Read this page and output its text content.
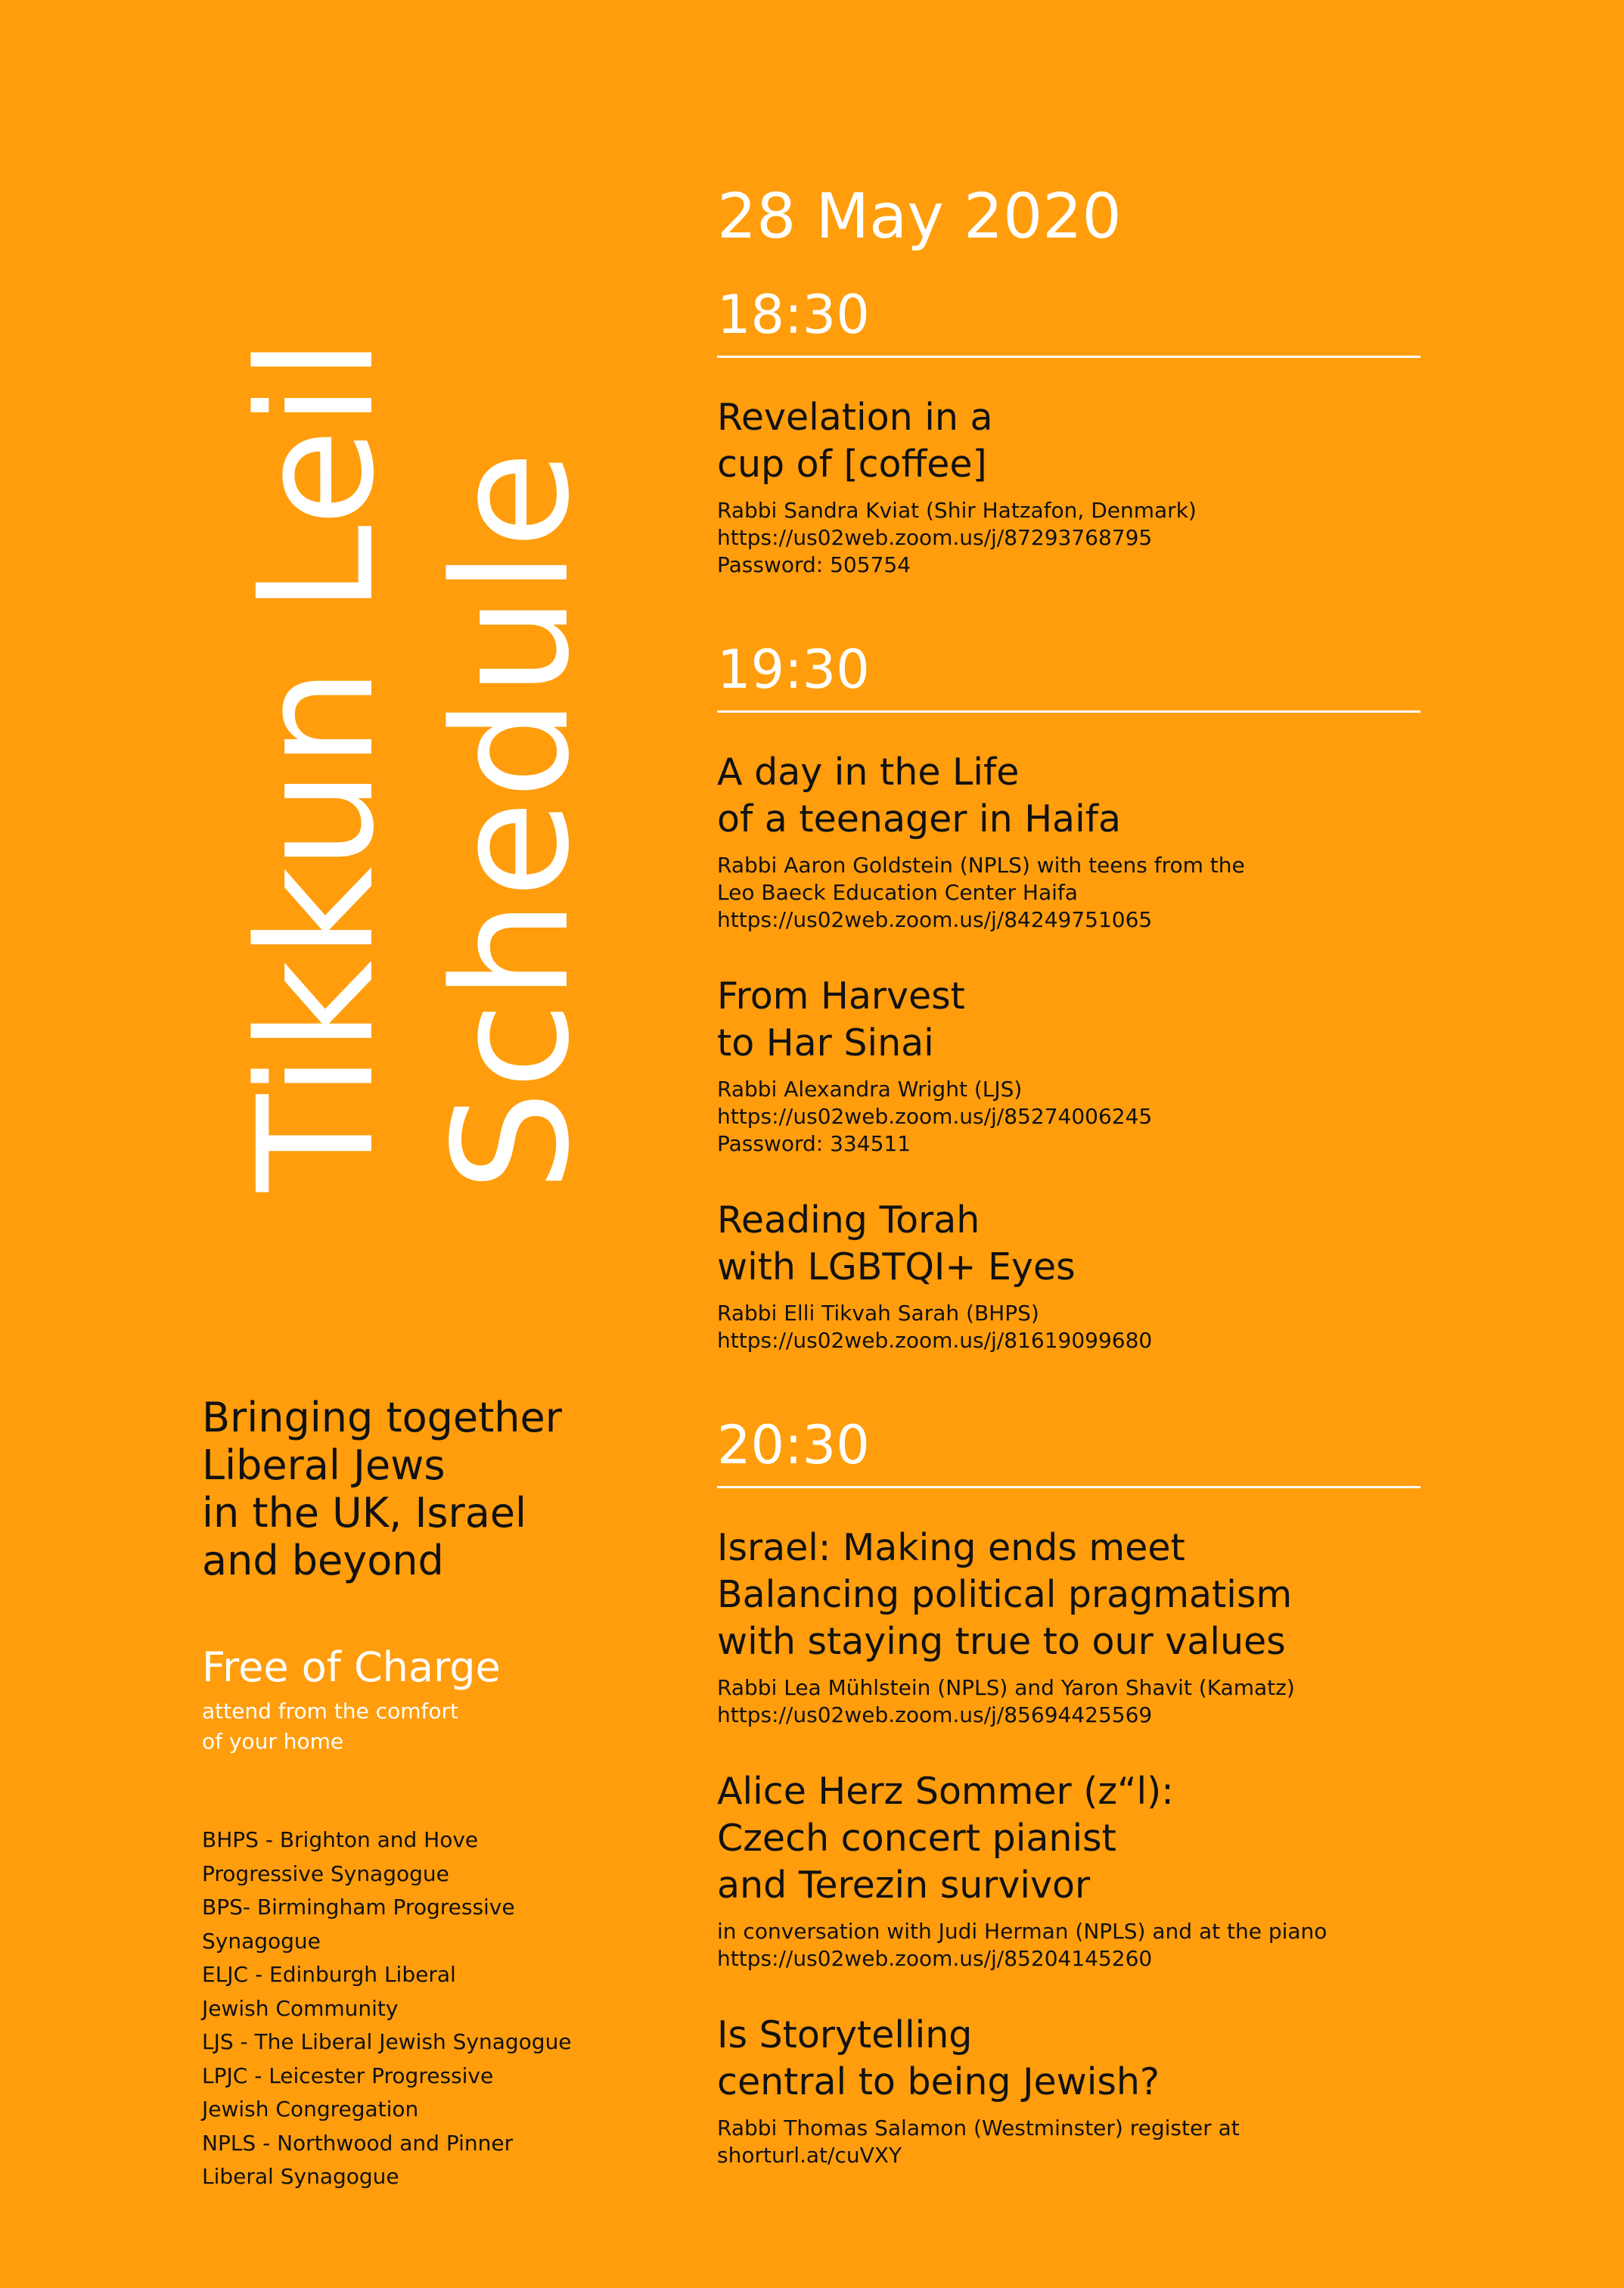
Tikkun Leil Schedule
Bringing together
Liberal Jews
in the UK, Israel
and beyond
Free of Charge
attend from the comfort
of your home
BHPS - Brighton and Hove
Progressive Synagogue
BPS- Birmingham Progressive
Synagogue
ELJC - Edinburgh Liberal
Jewish Community
LJS - The Liberal Jewish Synagogue
LPJC - Leicester Progressive
Jewish Congregation
NPLS - Northwood and Pinner
Liberal Synagogue
28 May 2020
18:30
Revelation in a
cup of [coffee]
Rabbi Sandra Kviat (Shir Hatzafon, Denmark)
https://us02web.zoom.us/j/87293768795
Password: 505754
19:30
A day in the Life
of a teenager in Haifa
Rabbi Aaron Goldstein (NPLS) with teens from the
Leo Baeck Education Center Haifa
https://us02web.zoom.us/j/84249751065
From Harvest
to Har Sinai
Rabbi Alexandra Wright (LJS)
https://us02web.zoom.us/j/85274006245
Password: 334511
Reading Torah
with LGBTQI+ Eyes
Rabbi Elli Tikvah Sarah (BHPS)
https://us02web.zoom.us/j/81619099680
20:30
Israel: Making ends meet
Balancing political pragmatism
with staying true to our values
Rabbi Lea Mühlstein (NPLS) and Yaron Shavit (Kamatz)
https://us02web.zoom.us/j/85694425569
Alice Herz Sommer (z“l):
Czech concert pianist
and Terezin survivor
in conversation with Judi Herman (NPLS) and at the piano
https://us02web.zoom.us/j/85204145260
Is Storytelling
central to being Jewish?
Rabbi Thomas Salamon (Westminster) register at
shorturl.at/cuVXY
